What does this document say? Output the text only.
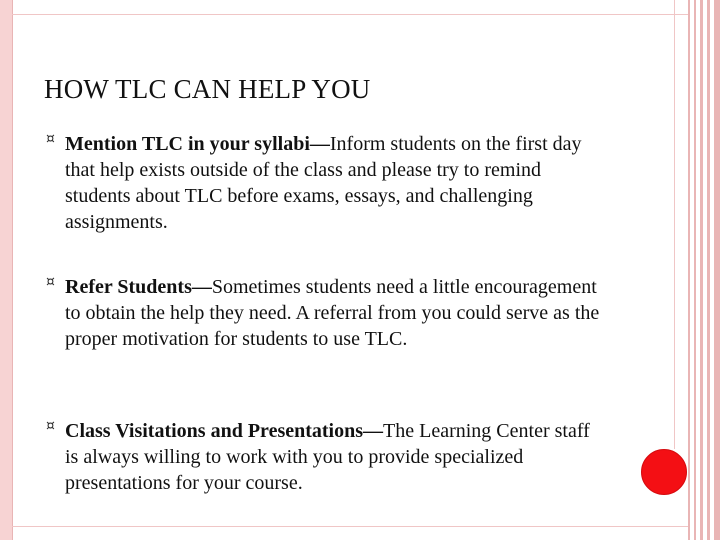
HOW TLC CAN HELP YOU
¤ Mention TLC in your syllabi—Inform students on the first day that help exists outside of the class and please try to remind students about TLC before exams, essays, and challenging assignments.
¤ Refer Students—Sometimes students need a little encouragement to obtain the help they need. A referral from you could serve as the proper motivation for students to use TLC.
¤ Class Visitations and Presentations—The Learning Center staff is always willing to work with you to provide specialized presentations for your course.
